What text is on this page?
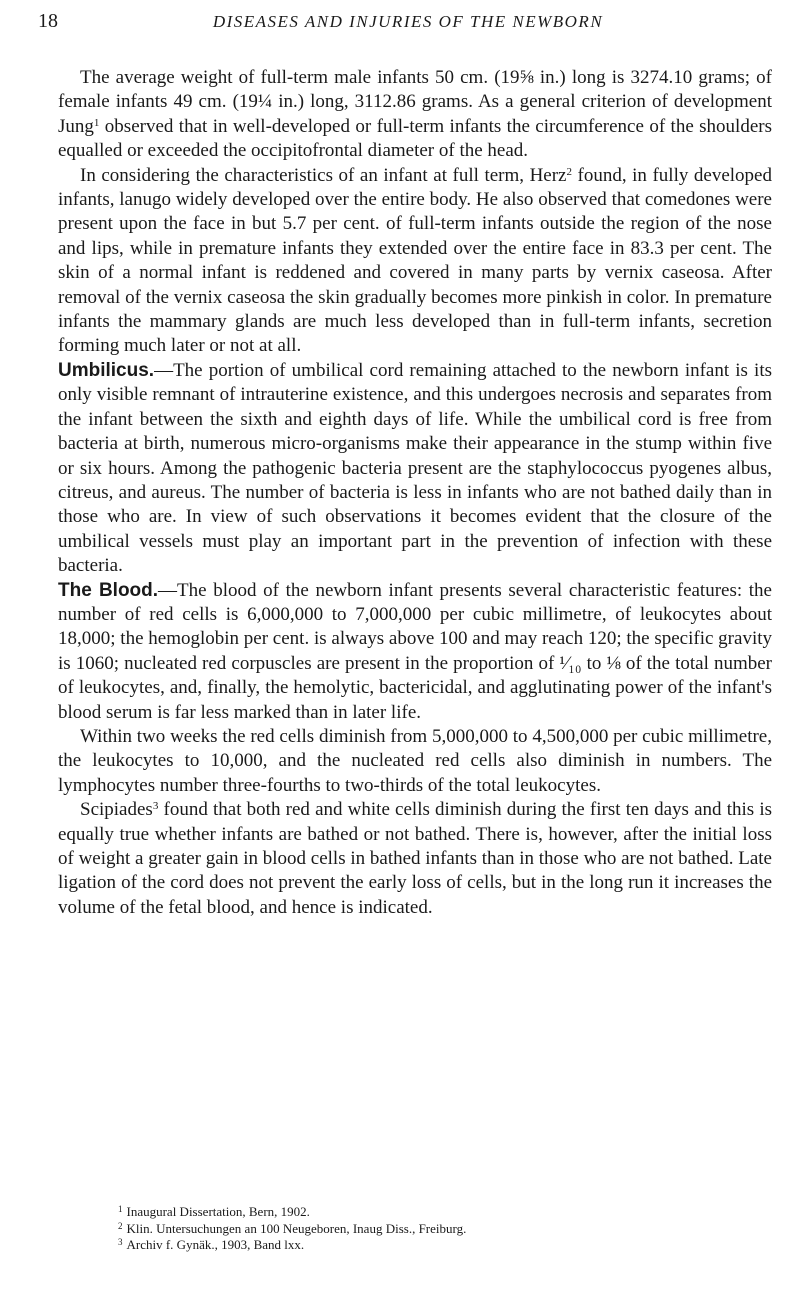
18	DISEASES AND INJURIES OF THE NEWBORN

The average weight of full-term male infants 50 cm. (19⅝ in.) long is 3274.10 grams; of female infants 49 cm. (19¼ in.) long, 3112.86 grams. As a general criterion of development Jung$^1$ observed that in well-developed or full-term infants the circumference of the shoulders equalled or exceeded the occipitofrontal diameter of the head.

In considering the characteristics of an infant at full term, Herz$^2$ found, in fully developed infants, lanugo widely developed over the entire body. He also observed that comedones were present upon the face in but 5.7 per cent. of full-term infants outside the region of the nose and lips, while in premature infants they extended over the entire face in 83.3 per cent. The skin of a normal infant is reddened and covered in many parts by vernix caseosa. After removal of the vernix caseosa the skin gradually becomes more pinkish in color. In premature infants the mammary glands are much less developed than in full-term infants, secretion forming much later or not at all.

Umbilicus.—The portion of umbilical cord remaining attached to the newborn infant is its only visible remnant of intrauterine existence, and this undergoes necrosis and separates from the infant between the sixth and eighth days of life. While the umbilical cord is free from bacteria at birth, numerous micro-organisms make their appearance in the stump within five or six hours. Among the pathogenic bacteria present are the staphylococcus pyogenes albus, citreus, and aureus. The number of bacteria is less in infants who are not bathed daily than in those who are. In view of such observations it becomes evident that the closure of the umbilical vessels must play an important part in the prevention of infection with these bacteria.

The Blood.—The blood of the newborn infant presents several characteristic features: the number of red cells is 6,000,000 to 7,000,000 per cubic millimetre, of leukocytes about 18,000; the hemoglobin per cent. is always above 100 and may reach 120; the specific gravity is 1060; nucleated red corpuscles are present in the proportion of ¹⁄₁₀ to ⅛ of the total number of leukocytes, and, finally, the hemolytic, bactericidal, and agglutinating power of the infant's blood serum is far less marked than in later life.

Within two weeks the red cells diminish from 5,000,000 to 4,500,000 per cubic millimetre, the leukocytes to 10,000, and the nucleated red cells also diminish in numbers. The lymphocytes number three-fourths to two-thirds of the total leukocytes.

Scipiades$^3$ found that both red and white cells diminish during the first ten days and this is equally true whether infants are bathed or not bathed. There is, however, after the initial loss of weight a greater gain in blood cells in bathed infants than in those who are not bathed. Late ligation of the cord does not prevent the early loss of cells, but in the long run it increases the volume of the fetal blood, and hence is indicated.

$^1$ Inaugural Dissertation, Bern, 1902.
$^2$ Klin. Untersuchungen an 100 Neugeboren, Inaug Diss., Freiburg.
$^3$ Archiv f. Gynäk., 1903, Band lxx.
